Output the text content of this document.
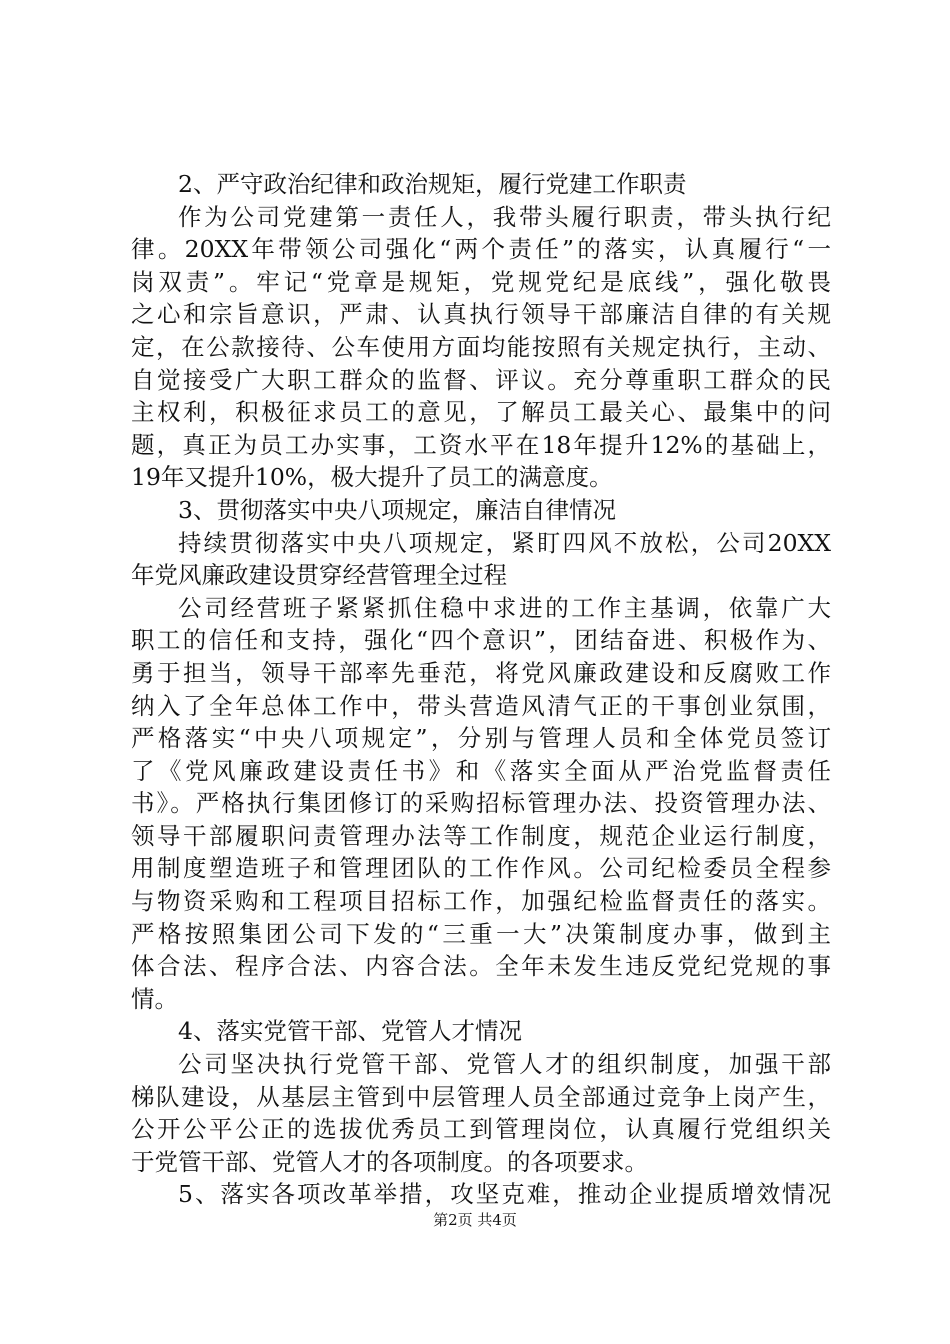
2、严守政治纪律和政治规矩，履行党建工作职责
作为公司党建第一责任人，我带头履行职责，带头执行纪
律。20XX年带领公司强化“两个责任”的落实，认真履行“一
岗双责”。牢记“党章是规矩，党规党纪是底线”，强化敬畏
之心和宗旨意识，严肃、认真执行领导干部廉洁自律的有关规
定，在公款接待、公车使用方面均能按照有关规定执行，主动、
自觉接受广大职工群众的监督、评议。充分尊重职工群众的民
主权利，积极征求员工的意见，了解员工最关心、最集中的问
题，真正为员工办实事，工资水平在18年提升12%的基础上，
19年又提升10%，极大提升了员工的满意度。
3、贯彻落实中央八项规定，廉洁自律情况
持续贯彻落实中央八项规定，紧盯四风不放松，公司20XX
年党风廉政建设贯穿经营管理全过程
公司经营班子紧紧抓住稳中求进的工作主基调，依靠广大
职工的信任和支持，强化“四个意识”，团结奋进、积极作为、
勇于担当，领导干部率先垂范，将党风廉政建设和反腐败工作
纳入了全年总体工作中，带头营造风清气正的干事创业氛围，
严格落实“中央八项规定”，分别与管理人员和全体党员签订
了《党风廉政建设责任书》和《落实全面从严治党监督责任
书》。严格执行集团修订的采购招标管理办法、投资管理办法、
领导干部履职问责管理办法等工作制度，规范企业运行制度，
用制度塑造班子和管理团队的工作作风。公司纪检委员全程参
与物资采购和工程项目招标工作，加强纪检监督责任的落实。
严格按照集团公司下发的“三重一大”决策制度办事，做到主
体合法、程序合法、内容合法。全年未发生违反党纪党规的事
情。
4、落实党管干部、党管人才情况
公司坚决执行党管干部、党管人才的组织制度，加强干部
梯队建设，从基层主管到中层管理人员全部通过竞争上岗产生，
公开公平公正的选拔优秀员工到管理岗位，认真履行党组织关
于党管干部、党管人才的各项制度。的各项要求。
5、落实各项改革举措，攻坚克难，推动企业提质增效情况
第2页 共4页
